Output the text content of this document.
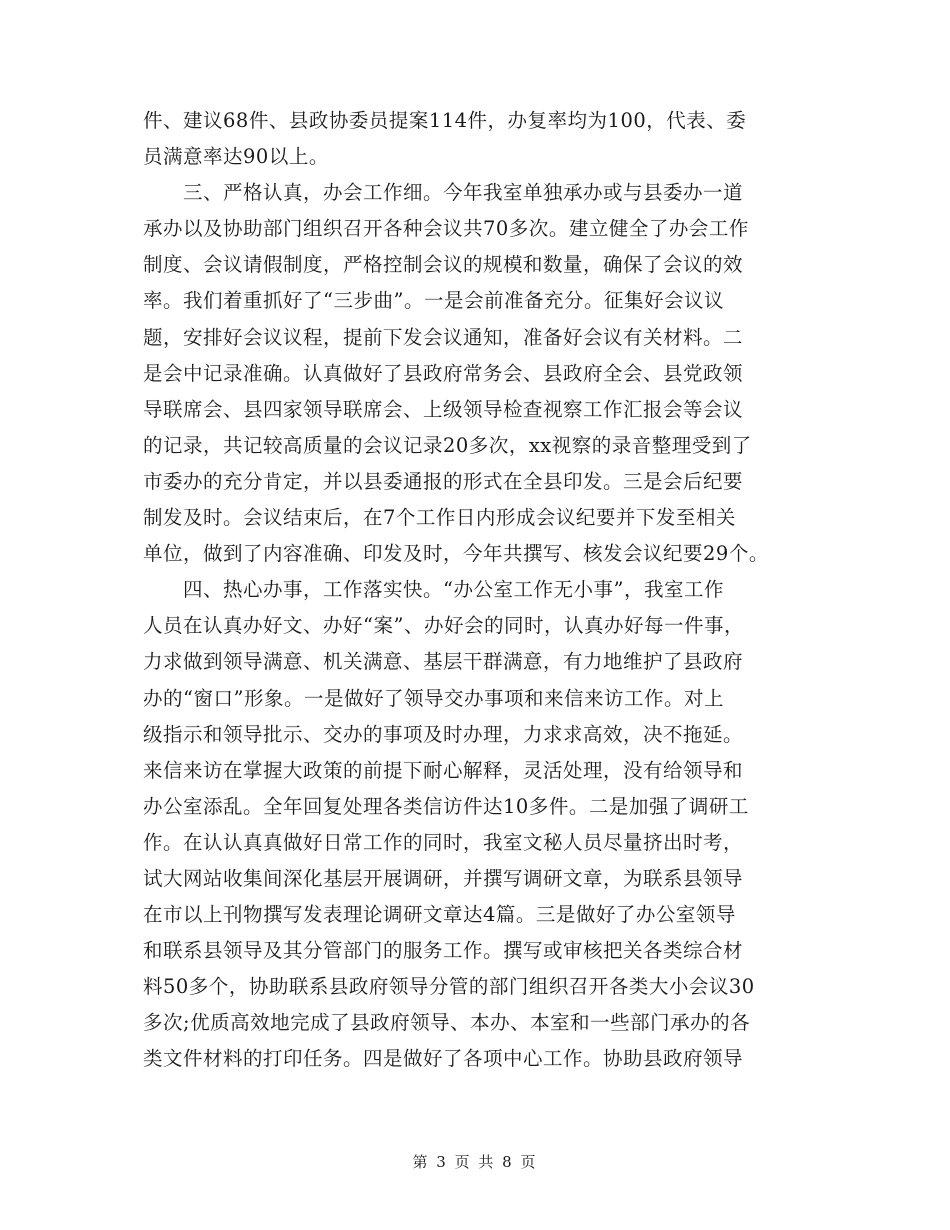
件、建议68件、县政协委员提案114件，办复率均为100，代表、委
员满意率达90以上。
三、严格认真，办会工作细。今年我室单独承办或与县委办一道
承办以及协助部门组织召开各种会议共70多次。建立健全了办会工作
制度、会议请假制度，严格控制会议的规模和数量，确保了会议的效
率。我们着重抓好了“三步曲”。一是会前准备充分。征集好会议议
题，安排好会议议程，提前下发会议通知，准备好会议有关材料。二
是会中记录准确。认真做好了县政府常务会、县政府全会、县党政领
导联席会、县四家领导联席会、上级领导检查视察工作汇报会等会议
的记录，共记较高质量的会议记录20多次，xx视察的录音整理受到了
市委办的充分肯定，并以县委通报的形式在全县印发。三是会后纪要
制发及时。会议结束后，在7个工作日内形成会议纪要并下发至相关
单位，做到了内容准确、印发及时，今年共撰写、核发会议纪要29个。
四、热心办事，工作落实快。“办公室工作无小事”，我室工作
人员在认真办好文、办好“案”、办好会的同时，认真办好每一件事，
力求做到领导满意、机关满意、基层干群满意，有力地维护了县政府
办的“窗口”形象。一是做好了领导交办事项和来信来访工作。对上
级指示和领导批示、交办的事项及时办理，力求求高效，决不拖延。
来信来访在掌握大政策的前提下耐心解释，灵活处理，没有给领导和
办公室添乱。全年回复处理各类信访件达10多件。二是加强了调研工
作。在认认真真做好日常工作的同时，我室文秘人员尽量挤出时考，
试大网站收集间深化基层开展调研，并撰写调研文章，为联系县领导
在市以上刊物撰写发表理论调研文章达4篇。三是做好了办公室领导
和联系县领导及其分管部门的服务工作。撰写或审核把关各类综合材
料50多个，协助联系县政府领导分管的部门组织召开各类大小会议30
多次;优质高效地完成了县政府领导、本办、本室和一些部门承办的各
类文件材料的打印任务。四是做好了各项中心工作。协助县政府领导
第 3 页 共 8 页
